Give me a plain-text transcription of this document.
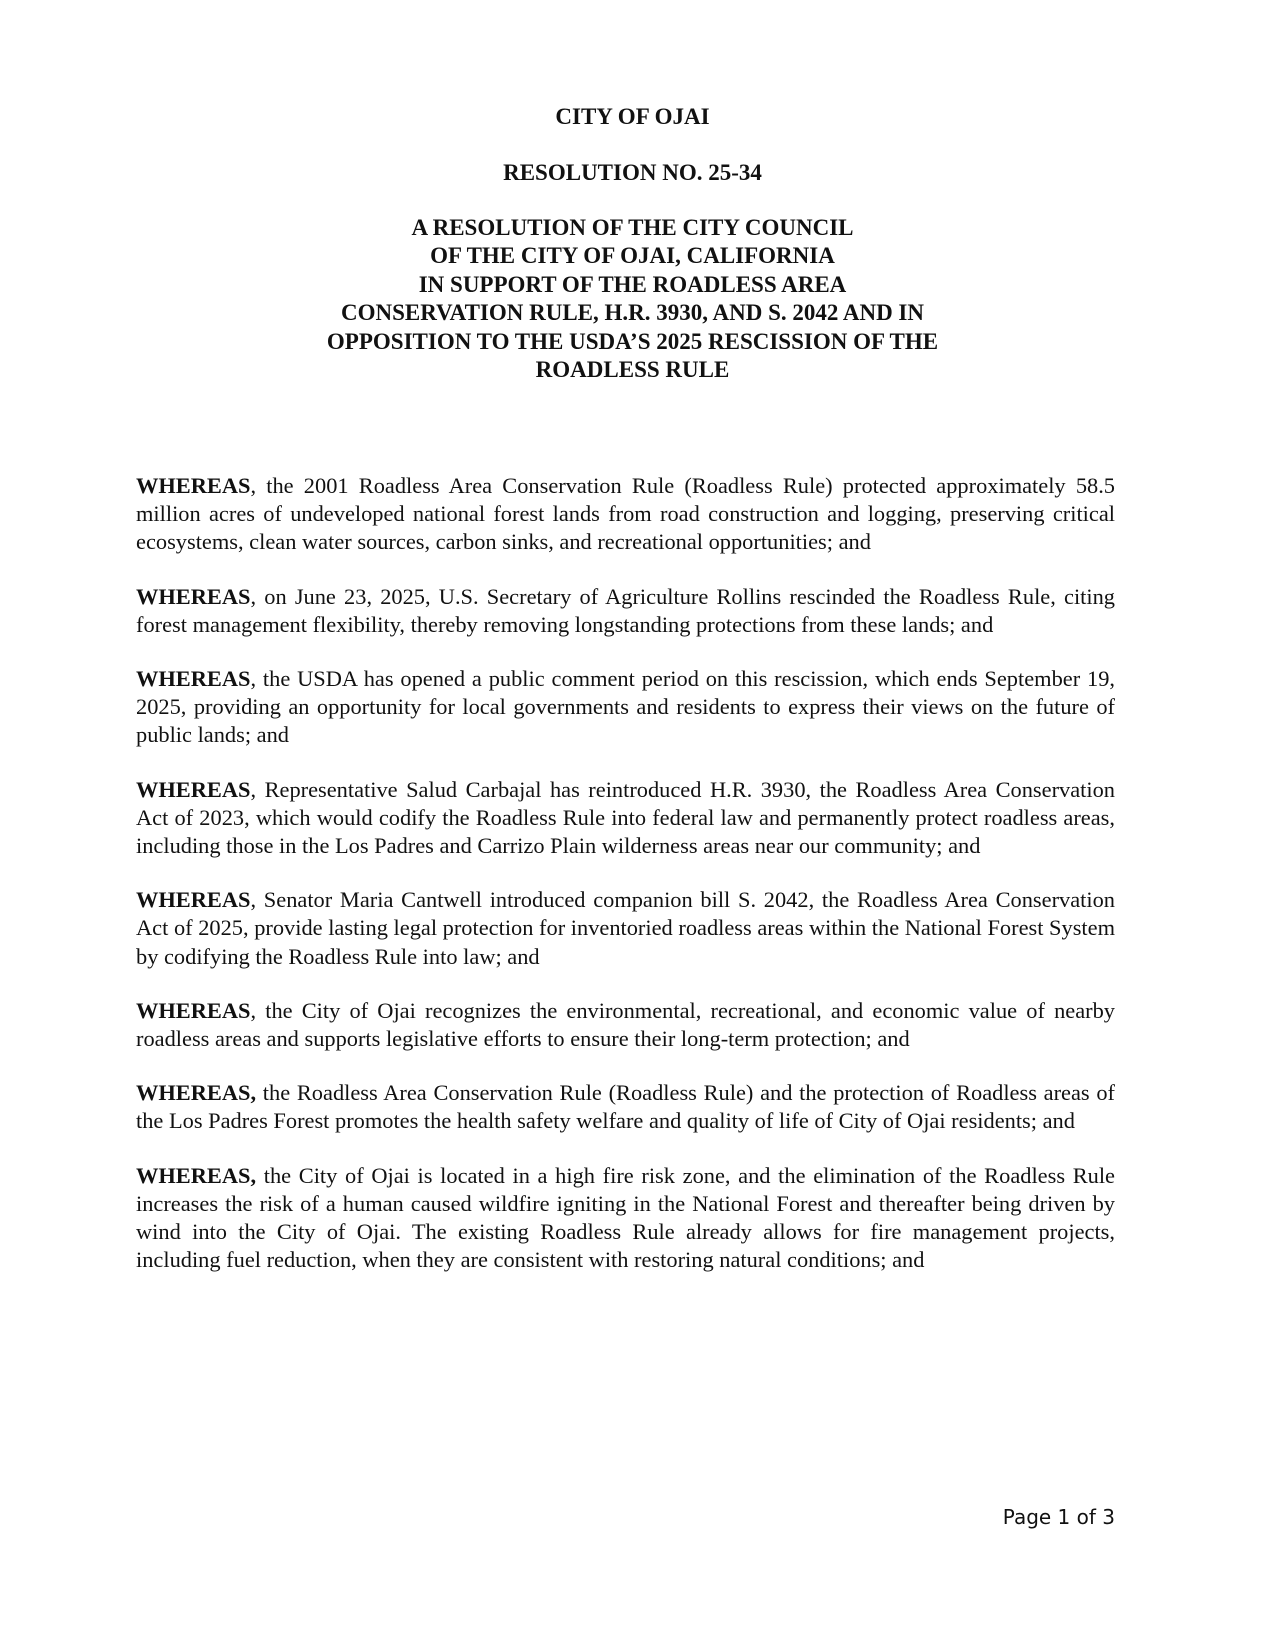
CITY OF OJAI
RESOLUTION NO. 25-34
A RESOLUTION OF THE CITY COUNCIL
OF THE CITY OF OJAI, CALIFORNIA
IN SUPPORT OF THE ROADLESS AREA
CONSERVATION RULE, H.R. 3930, AND S. 2042 AND IN
OPPOSITION TO THE USDA’S 2025 RESCISSION OF THE
ROADLESS RULE

WHEREAS, the 2001 Roadless Area Conservation Rule (Roadless Rule) protected approximately 58.5 million acres of undeveloped national forest lands from road construction and logging, preserving critical ecosystems, clean water sources, carbon sinks, and recreational opportunities; and

WHEREAS, on June 23, 2025, U.S. Secretary of Agriculture Rollins rescinded the Roadless Rule, citing forest management flexibility, thereby removing longstanding protections from these lands; and

WHEREAS, the USDA has opened a public comment period on this rescission, which ends September 19, 2025, providing an opportunity for local governments and residents to express their views on the future of public lands; and

WHEREAS, Representative Salud Carbajal has reintroduced H.R. 3930, the Roadless Area Conservation Act of 2023, which would codify the Roadless Rule into federal law and permanently protect roadless areas, including those in the Los Padres and Carrizo Plain wilderness areas near our community; and

WHEREAS, Senator Maria Cantwell introduced companion bill S. 2042, the Roadless Area Conservation Act of 2025, provide lasting legal protection for inventoried roadless areas within the National Forest System by codifying the Roadless Rule into law; and

WHEREAS, the City of Ojai recognizes the environmental, recreational, and economic value of nearby roadless areas and supports legislative efforts to ensure their long-term protection; and

WHEREAS, the Roadless Area Conservation Rule (Roadless Rule) and the protection of Roadless areas of the Los Padres Forest promotes the health safety welfare and quality of life of City of Ojai residents; and

WHEREAS, the City of Ojai is located in a high fire risk zone, and the elimination of the Roadless Rule increases the risk of a human caused wildfire igniting in the National Forest and thereafter being driven by wind into the City of Ojai. The existing Roadless Rule already allows for fire management projects, including fuel reduction, when they are consistent with restoring natural conditions; and

Page 1 of 3
